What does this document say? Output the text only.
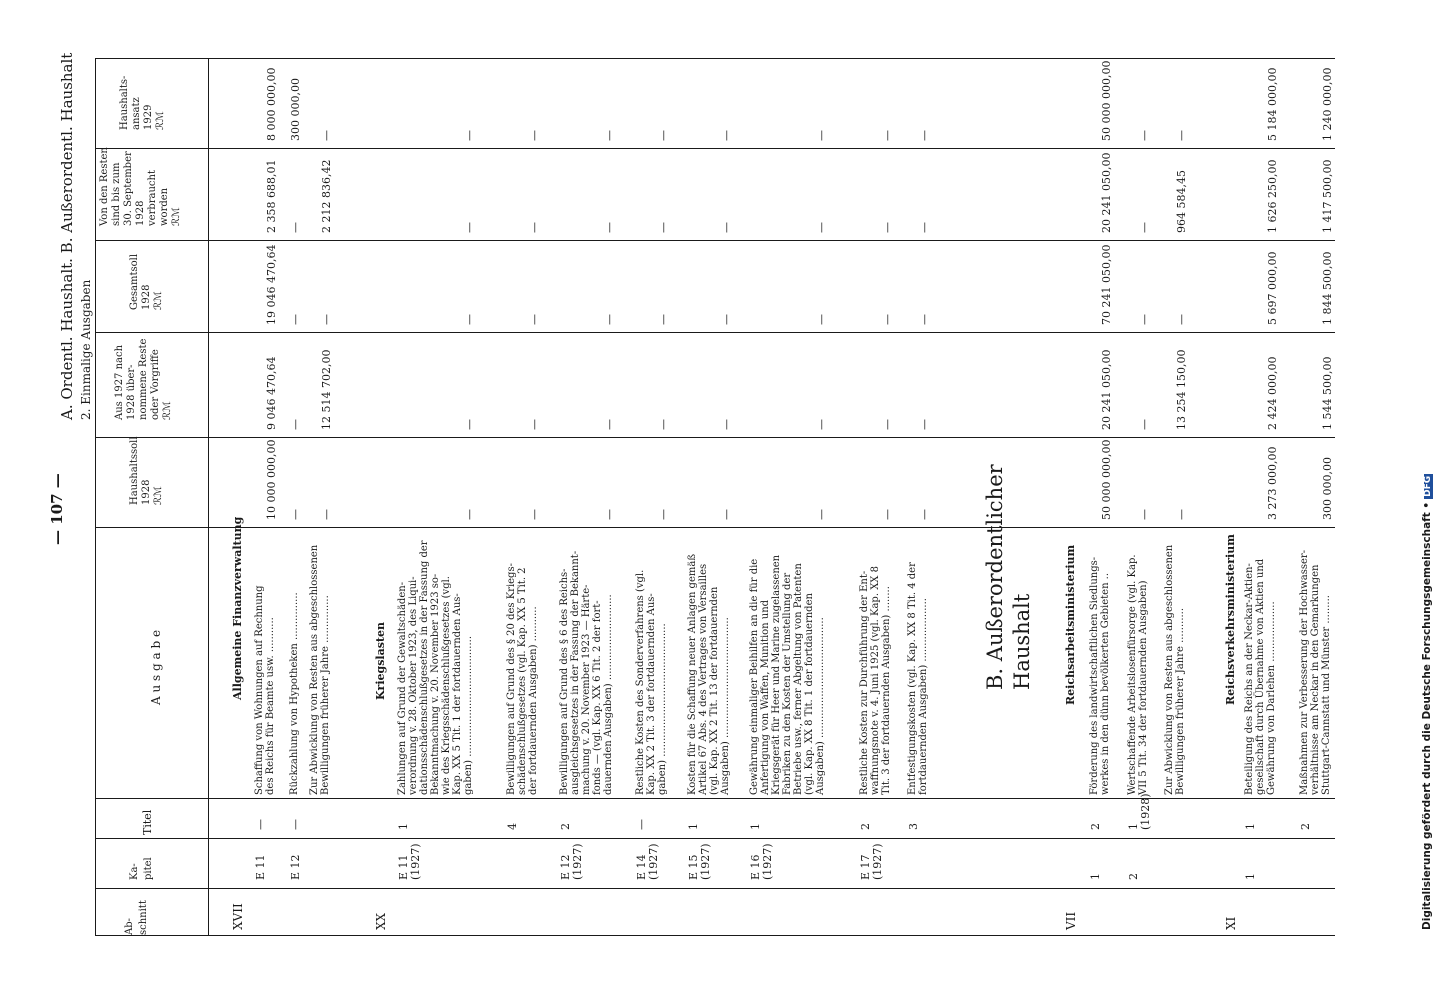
— 107 —
A. Ordentl. Haushalt. B. Außerordentl. Haushalt 2. Einmalige Ausgaben
Digitalisierung gefördert durch die Deutsche Forschungsgemeinschaft •DFG
Haushalts- ansatz 1929 ℛℳ
Von den Resten sind bis zum 30. September 1928 verbraucht worden ℛℳ
Gesamtsoll 1928 ℛℳ
Aus 1927 nach 1928 über- nommene Reste oder Vorgriffe ℛℳ
Haushaltssoll 1928 ℛℳ
A u s g a b e
Titel
Ka- pitel
Ab- schnitt	XVII
Allgemeine Finanzverwaltung
XX
Kriegslasten
VII
Reichsarbeitsministerium
XI
Reichsverkehrsministerium
B. Außerordentlicher Haushalt
E 11
—
Schaffung von Wohnungen auf Rechnung des Reichs für Beamte usw. ...........
10 000 000,00
9 046 470,64
19 046 470,64
2 358 688,01
8 000 000,00
E 12
—
Rückzahlung von Hypotheken ...............
—
—
—
—
300 000,00
Zur Abwicklung von Resten aus abgeschlossenen Bewilligungen früherer Jahre ...............
—
12 514 702,00
—
2 212 836,42
—
E 11 (1927)
1
Zahlungen auf Grund der Gewaltschäden- verordnung v. 28. Oktober 1923, des Liqui- dationsschädenschlußgesetzes in der Fassung der Bekanntmachung v. 20. November 1923 so- wie des Kriegsschädenschlußgesetzes (vgl. Kap. XX 5 Tit. 1 der fortdauernden Aus- gaben) ......................................
—
—
—
—
—
4
Bewilligungen auf Grund des § 20 des Kriegs- schädenschlußgesetzes (vgl. Kap. XX 5 Tit. 2 der fortdauernden Ausgaben) ...........
—
—
—
—
—
E 12 (1927)
2
Bewilligungen auf Grund des § 6 des Reichs- ausgleichsgesetzes in der Fassung der Bekannt- machung v. 20. November 1923 — Härte- fonds — (vgl. Kap. XX 6 Tit. 2 der fort- dauernden Ausgaben) ...........................
—
—
—
—
—
E 14 (1927)
—
Restliche Kosten des Sonderverfahrens (vgl. Kap. XX 2 Tit. 3 der fortdauernden Aus- gaben) ..........................................
—
—
—
—
—
E 15 (1927)
1
Kosten für die Schaffung neuer Anlagen gemäß Artikel 67 Abs. 4 des Vertrages von Versailles (vgl. Kap. XX 2 Tit. 13 der fortdauernden Ausgaben) ......................................
—
—
—
—
—
E 16 (1927)
1
Gewährung einmaliger Beihilfen an die für die Anfertigung von Waffen, Munition und Kriegsgerät für Heer und Marine zugelassenen Fabriken zu den Kosten der Umstellung der Betriebe usw., ferner Abgeltung von Patenten (vgl. Kap. XX 8 Tit. 1 der fortdauernden Ausgaben) ......................................
—
—
—
—
—
E 17 (1927)
2
Restliche Kosten zur Durchführung der Ent- waffnungsnote v. 4. Juni 1925 (vgl. Kap. XX 8 Tit. 3 der fortdauernden Ausgaben) ........
—
—
—
—
—
3
Entfestigungskosten (vgl. Kap. XX 8 Tit. 4 der fortdauernden Ausgaben) ....................
—
—
—
—
—
1
2
Förderung des landwirtschaftlichen Siedlungs- werkes in den dünn bevölkerten Gebieten ..
50 000 000,00
20 241 050,00
70 241 050,00
20 241 050,00
50 000 000,00
2
1 (1928)
Wertschaffende Arbeitslosenfürsorge (vgl. Kap. VII 5 Tit. 34 der fortdauernden Ausgaben)
—
—
—
—
—
Zur Abwicklung von Resten aus abgeschlossenen Bewilligungen früherer Jahre ...........
—
13 254 150,00
—
964 584,45
—
1
1
Beteiligung des Reichs an der Neckar-Aktien- gesellschaft durch Übernahme von Aktien und Gewährung von Darlehen ...................
3 273 000,00
2 424 000,00
5 697 000,00
1 626 250,00
5 184 000,00
2
Maßnahmen zur Verbesserung der Hochwasser- verhältnisse am Neckar in den Gemarkungen Stuttgart-Cannstatt und Münster .........
300 000,00
1 544 500,00
1 844 500,00
1 417 500,00
1 240 000,00
